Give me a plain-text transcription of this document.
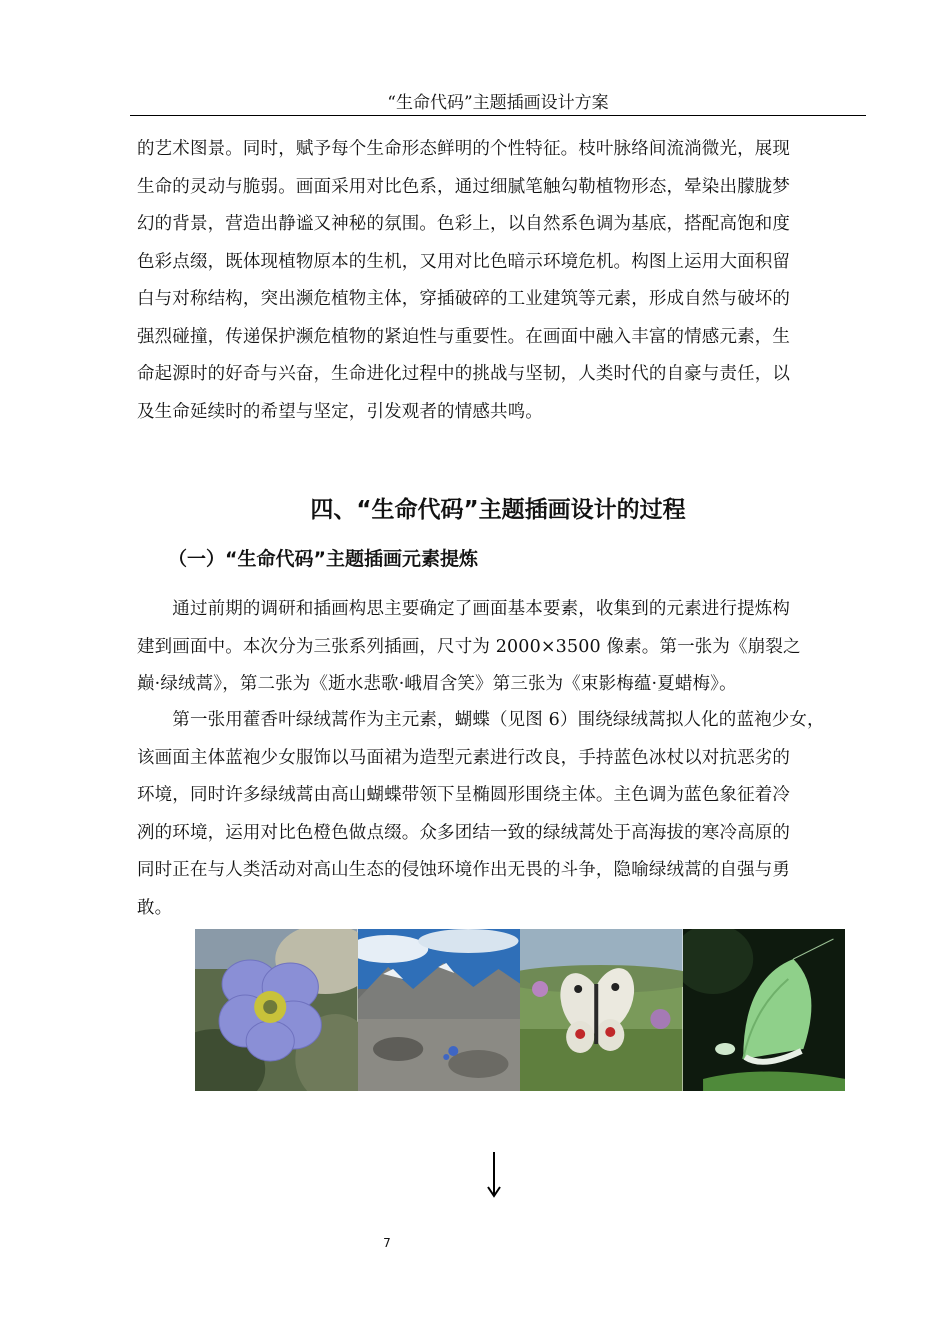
“生命代码”主题插画设计方案
的艺术图景。同时，赋予每个生命形态鲜明的个性特征。枝叶脉络间流淌微光，展现
生命的灵动与脆弱。画面采用对比色系，通过细腻笔触勾勒植物形态，晕染出朦胧梦
幻的背景，营造出静谧又神秘的氛围。色彩上，以自然系色调为基底，搭配高饱和度
色彩点缀，既体现植物原本的生机，又用对比色暗示环境危机。构图上运用大面积留
白与对称结构，突出濒危植物主体，穿插破碎的工业建筑等元素，形成自然与破坏的
强烈碰撞，传递保护濒危植物的紧迫性与重要性。在画面中融入丰富的情感元素，生
命起源时的好奇与兴奋，生命进化过程中的挑战与坚韧，人类时代的自豪与责任，以
及生命延续时的希望与坚定，引发观者的情感共鸣。
四、“生命代码”主题插画设计的过程
（一）“生命代码”主题插画元素提炼
　　通过前期的调研和插画构思主要确定了画面基本要素，收集到的元素进行提炼构
建到画面中。本次分为三张系列插画，尺寸为 2000×3500 像素。第一张为《崩裂之
巅·绿绒蒿》，第二张为《逝水悲歌·峨眉含笑》第三张为《束影梅蕴·夏蜡梅》。
　　第一张用藿香叶绿绒蒿作为主元素，蝴蝶（见图 6）围绕绿绒蒿拟人化的蓝袍少女，
该画面主体蓝袍少女服饰以马面裙为造型元素进行改良，手持蓝色冰杖以对抗恶劣的
环境，同时许多绿绒蒿由高山蝴蝶带领下呈椭圆形围绕主体。主色调为蓝色象征着冷
冽的环境，运用对比色橙色做点缀。众多团结一致的绿绒蒿处于高海拔的寒冷高原的
同时正在与人类活动对高山生态的侵蚀环境作出无畏的斗争，隐喻绿绒蒿的自强与勇
敢。
7
